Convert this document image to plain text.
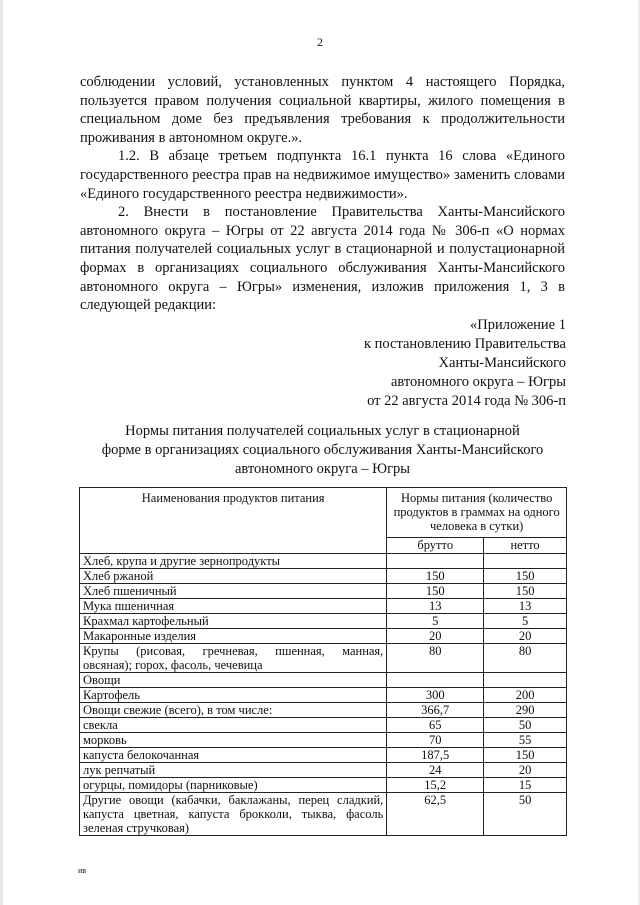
2

соблюдении условий, установленных пунктом 4 настоящего Порядка, пользуется правом получения социальной квартиры, жилого помещения в специальном доме без предъявления требования к продолжительности проживания в автономном округе.».

1.2. В абзаце третьем подпункта 16.1 пункта 16 слова «Единого государственного реестра прав на недвижимое имущество» заменить словами «Единого государственного реестра недвижимости».

2. Внести в постановление Правительства Ханты-Мансийского автономного округа – Югры от 22 августа 2014 года № 306-п «О нормах питания получателей социальных услуг в стационарной и полустационарной формах в организациях социального обслуживания Ханты-Мансийского автономного округа – Югры» изменения, изложив приложения 1, 3 в следующей редакции:

«Приложение 1
к постановлению Правительства
Ханты-Мансийского
автономного округа – Югры
от 22 августа 2014 года № 306-п
Нормы питания получателей социальных услуг в стационарной
форме в организациях социального обслуживания Ханты-Мансийского
автономного округа – Югры
Наименования продуктов питания	Нормы питания (количество продуктов в граммах на одного человека в сутки)	
	брутто	нетто
Хлеб, крупа и другие зернопродукты		
Хлеб ржаной	150	150
Хлеб пшеничный	150	150
Мука пшеничная	13	13
Крахмал картофельный	5	5
Макаронные изделия	20	20

Крупы (рисовая, гречневая, пшенная, манная,
овсяная); горох, фасоль, чечевица	80	80
Овощи		
Картофель	300	200
Овощи свежие (всего), в том числе:	366,7	290
свекла	65	50
морковь	70	55
капуста белокочанная	187,5	150
лук репчатый	24	20
огурцы, помидоры (парниковые)	15,2	15

Другие овощи (кабачки, баклажаны, перец сладкий,
капуста цветная, капуста брокколи, тыква, фасоль
зеленая стручковая)	62,5	50
ив
